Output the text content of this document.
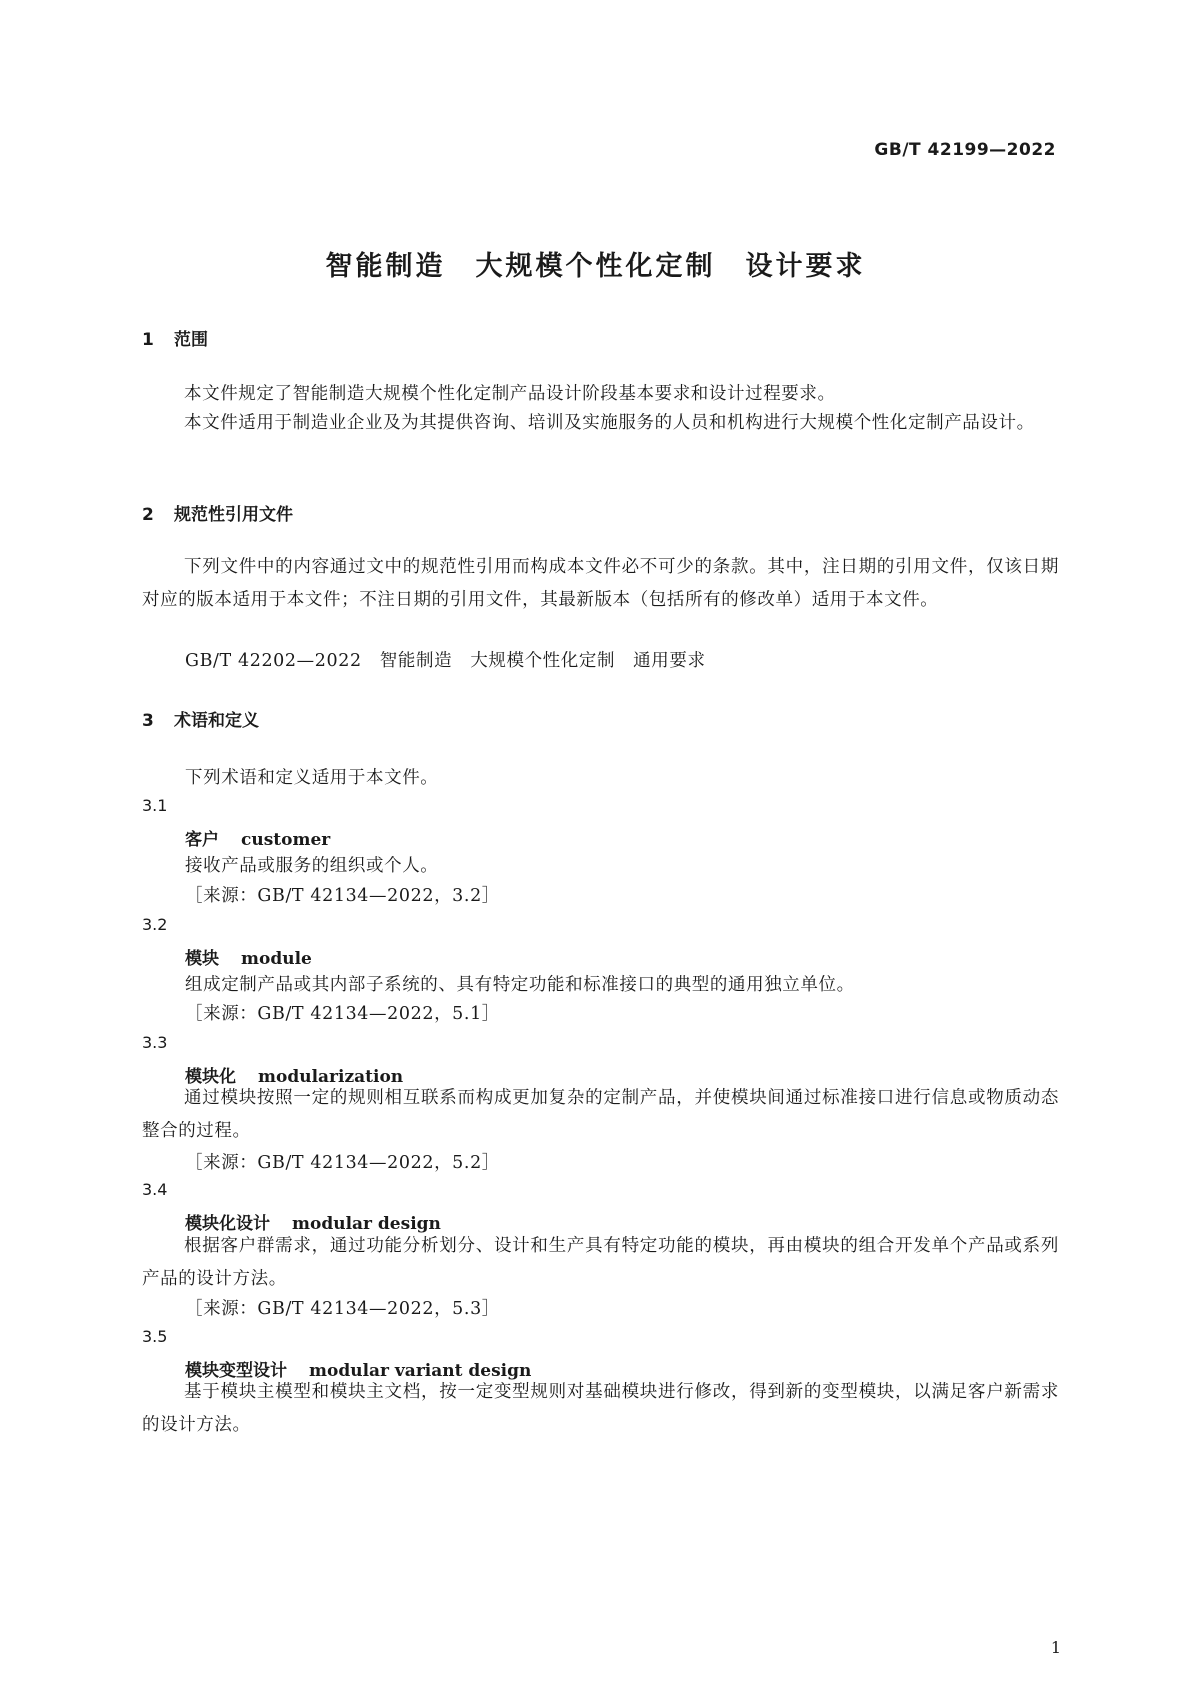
GB/T 42199—2022
智能制造　大规模个性化定制　设计要求
1 范围
本文件规定了智能制造大规模个性化定制产品设计阶段基本要求和设计过程要求。
本文件适用于制造业企业及为其提供咨询、培训及实施服务的人员和机构进行大规模个性化定制产品设计。
2 规范性引用文件
下列文件中的内容通过文中的规范性引用而构成本文件必不可少的条款。其中，注日期的引用文件，仅该日期对应的版本适用于本文件；不注日期的引用文件，其最新版本（包括所有的修改单）适用于本文件。
GB/T 42202—2022　智能制造　大规模个性化定制　通用要求
3 术语和定义
下列术语和定义适用于本文件。
3.1
客户 customer
接收产品或服务的组织或个人。
［来源：GB/T 42134—2022，3.2］
3.2
模块 module
组成定制产品或其内部子系统的、具有特定功能和标准接口的典型的通用独立单位。
［来源：GB/T 42134—2022，5.1］
3.3
模块化 modularization
通过模块按照一定的规则相互联系而构成更加复杂的定制产品，并使模块间通过标准接口进行信息或物质动态整合的过程。
［来源：GB/T 42134—2022，5.2］
3.4
模块化设计 modular design
根据客户群需求，通过功能分析划分、设计和生产具有特定功能的模块，再由模块的组合开发单个产品或系列产品的设计方法。
［来源：GB/T 42134—2022，5.3］
3.5
模块变型设计 modular variant design
基于模块主模型和模块主文档，按一定变型规则对基础模块进行修改，得到新的变型模块，以满足客户新需求的设计方法。
1
